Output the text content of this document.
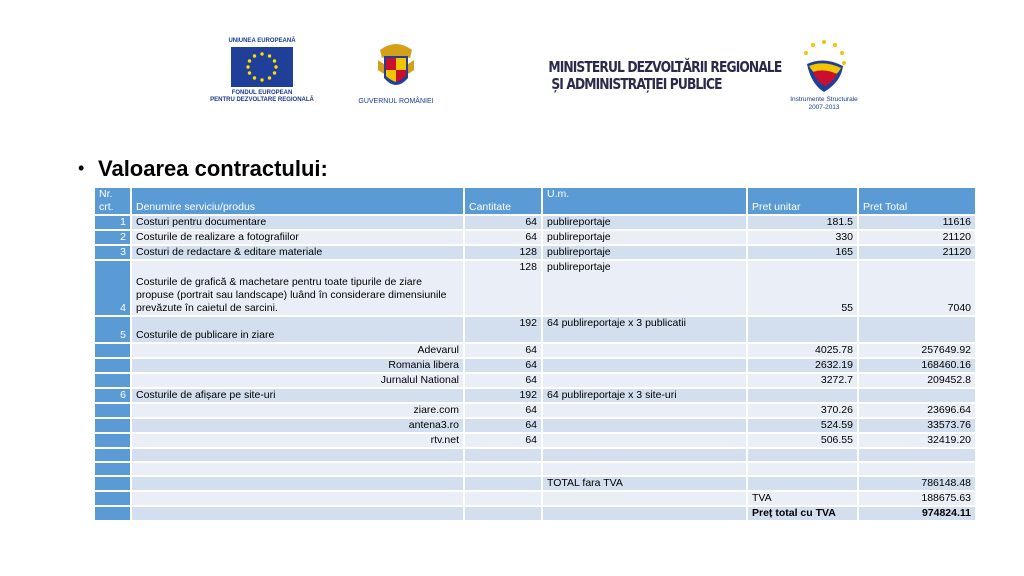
UNIUNEA EUROPEANĂ
FONDUL EUROPEAN
PENTRU DEZVOLTARE REGIONALĂ	GUVERNUL ROMÂNIEI
MINISTERUL DEZVOLTĂRII REGIONALE
ȘI ADMINISTRAȚIEI PUBLICE
Instrumente Structurale
2007-2013
• Valoarea contractului:
Nr.
crt.	Denumire serviciu/produs	Cantitate	U.m.	Pret unitar	Pret Total
1	Costuri pentru documentare	64	publireportaje	181.5	11616
2	Costurile de realizare a fotografiilor	64	publireportaje	330	21120
3	Costuri de redactare & editare materiale	128	publireportaje	165	21120
4	Costurile de grafică & machetare pentru toate tipurile de ziare propuse (portrait sau landscape) luând în considerare dimensiunile prevăzute în caietul de sarcini.	128	publireportaje	55	7040
5	Costurile de publicare in ziare	192	64 publireportaje x 3 publicatii		
	Adevarul	64		4025.78	257649.92
	Romania libera	64		2632.19	168460.16
	Jurnalul National	64		3272.7	209452.8
6	Costurile de afișare pe site-uri	192	64 publireportaje x 3 site-uri		
	ziare.com	64		370.26	23696.64
	antena3.ro	64		524.59	33573.76
	rtv.net	64		506.55	32419.20

			TOTAL fara TVA		786148.48
				TVA	188675.63
				Preț total cu TVA	974824.11
